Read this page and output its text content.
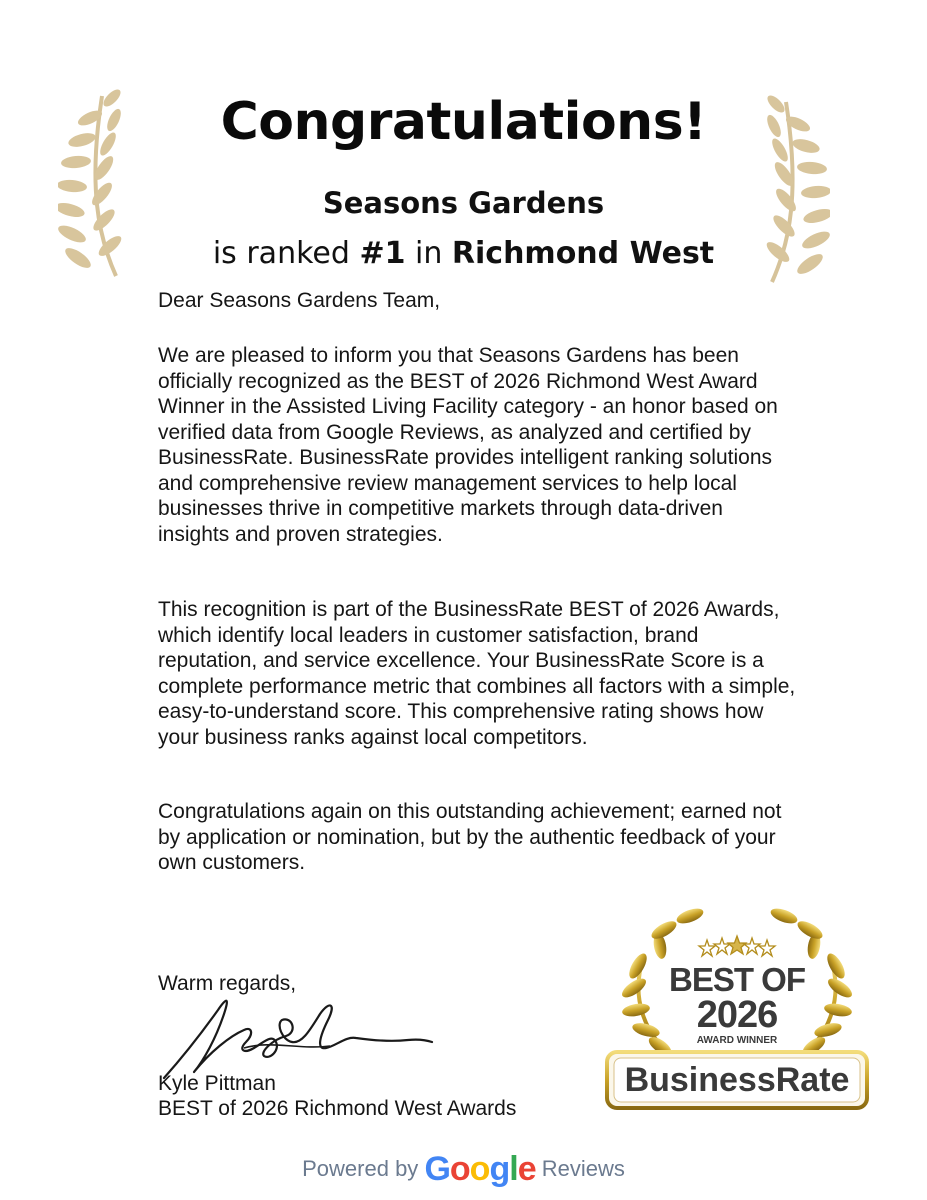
Congratulations!
Seasons Gardens
is ranked #1 in Richmond West

Dear Seasons Gardens Team,

We are pleased to inform you that Seasons Gardens has been officially recognized as the BEST of 2026 Richmond West Award Winner in the Assisted Living Facility category - an honor based on verified data from Google Reviews, as analyzed and certified by BusinessRate. BusinessRate provides intelligent ranking solutions and comprehensive review management services to help local businesses thrive in competitive markets through data-driven insights and proven strategies.

This recognition is part of the BusinessRate BEST of 2026 Awards, which identify local leaders in customer satisfaction, brand reputation, and service excellence. Your BusinessRate Score is a complete performance metric that combines all factors with a simple, easy-to-understand score. This comprehensive rating shows how your business ranks against local competitors.

Congratulations again on this outstanding achievement; earned not by application or nomination, but by the authentic feedback of your own customers.

Warm regards,

Kyle Pittman

BEST of 2026 Richmond West Awards

BEST OF
2026
AWARD WINNER
BusinessRate
Powered by Google Reviews
